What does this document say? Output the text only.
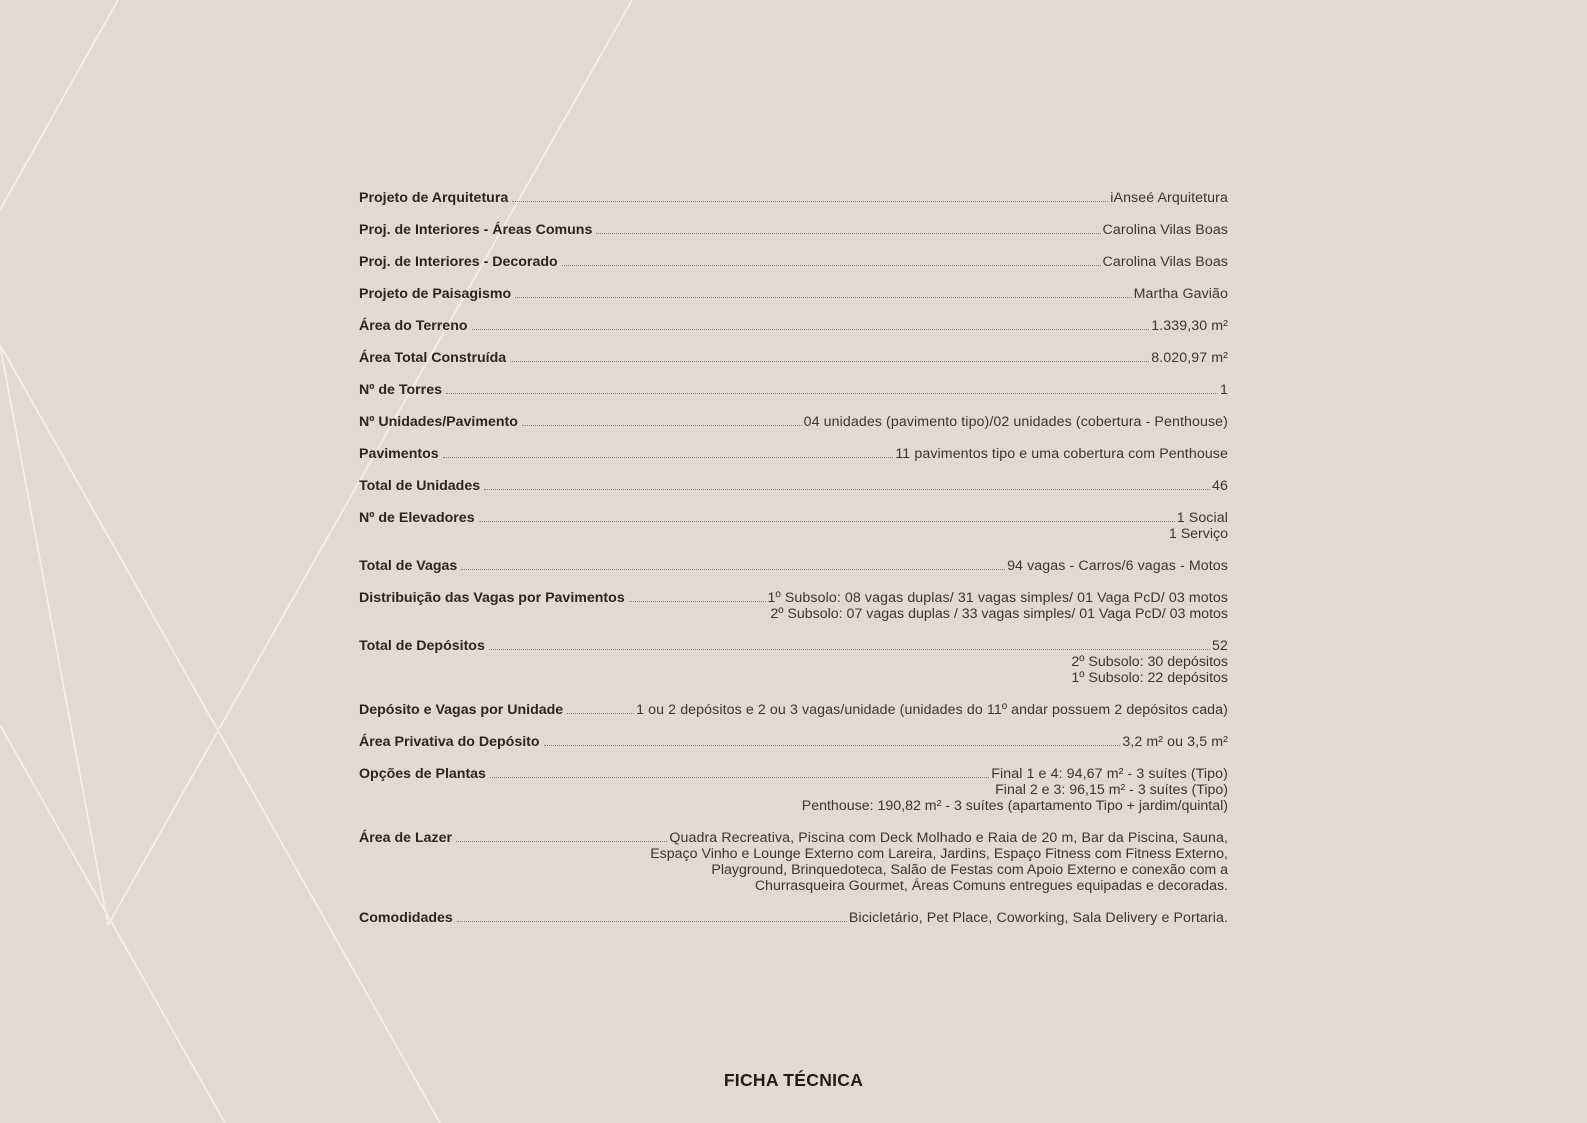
Projeto de Arquitetura	iAnseé Arquitetura
Proj. de Interiores - Áreas Comuns	Carolina Vilas Boas
Proj. de Interiores - Decorado	Carolina Vilas Boas
Projeto de Paisagismo	Martha Gavião
Área do Terreno	1.339,30 m²
Área Total Construída	8.020,97 m²
Nº de Torres	1
Nº Unidades/Pavimento	04 unidades (pavimento tipo)/02 unidades (cobertura - Penthouse)
Pavimentos	11 pavimentos tipo e uma cobertura com Penthouse
Total de Unidades	46
Nº de Elevadores	1 Social
1 Serviço
Total de Vagas	94 vagas - Carros/6 vagas - Motos
Distribuição das Vagas por Pavimentos	1º Subsolo: 08 vagas duplas/ 31 vagas simples/ 01 Vaga PcD/ 03 motos
2º Subsolo: 07 vagas duplas / 33 vagas simples/ 01 Vaga PcD/ 03 motos
Total de Depósitos	52
2º Subsolo: 30 depósitos
1º Subsolo: 22 depósitos
Depósito e Vagas por Unidade	1 ou 2 depósitos e 2 ou 3 vagas/unidade (unidades do 11º andar possuem 2 depósitos cada)
Área Privativa do Depósito	3,2 m² ou 3,5 m²
Opções de Plantas	Final 1 e 4: 94,67 m² - 3 suítes (Tipo)
Final 2 e 3: 96,15 m² - 3 suítes (Tipo)
Penthouse: 190,82 m² - 3 suítes (apartamento Tipo + jardim/quintal)
Área de Lazer	Quadra Recreativa, Piscina com Deck Molhado e Raia de 20 m, Bar da Piscina, Sauna,
Espaço Vinho e Lounge Externo com Lareira, Jardins, Espaço Fitness com Fitness Externo,
Playground, Brinquedoteca, Salão de Festas com Apoio Externo e conexão com a
Churrasqueira Gourmet, Áreas Comuns entregues equipadas e decoradas.
Comodidades	Bicicletário, Pet Place, Coworking, Sala Delivery e Portaria.
FICHA TÉCNICA
